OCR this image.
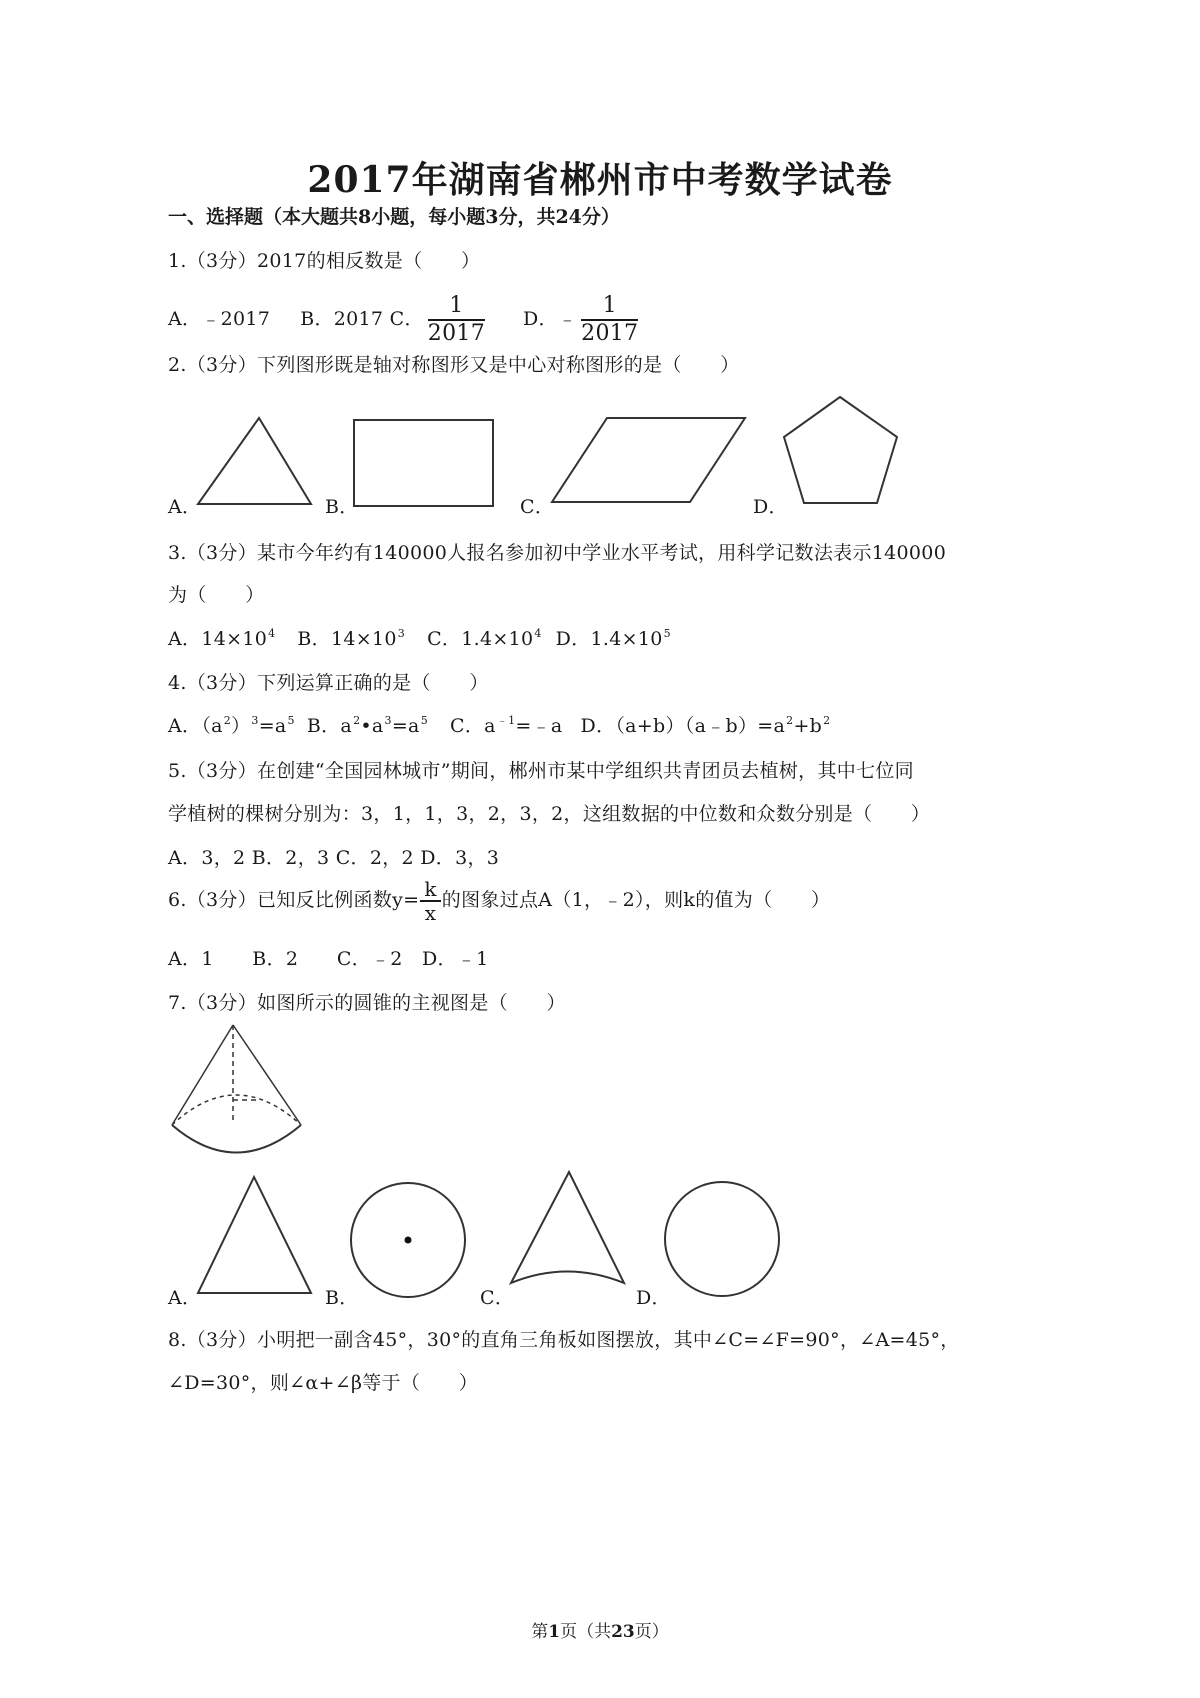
2017年湖南省郴州市中考数学试卷
一、选择题（本大题共8小题，每小题3分，共24分）
1.（3分）2017的相反数是（　　）
A．﹣2017 B．2017 C． $\frac{1}{2017}$ D．﹣ $\frac{1}{2017}$
2.（3分）下列图形既是轴对称图形又是中心对称图形的是（　　）
A．	B．	C．	D．
3.（3分）某市今年约有140000人报名参加初中学业水平考试，用科学记数法表示140000
为（　　）
A．$14\times 10^4$ B．$14\times 10^3$ C．$1.4\times 10^4$ D．$1.4\times 10^5$
4.（3分）下列运算正确的是（　　）
A．$(a^2)^3=a^5$ B．$a^2•a^3=a^5$ C．$a^{﹣1}=﹣a$ D．$(a+b)(a﹣b)=a^2+b^2$
5.（3分）在创建“全国园林城市”期间，郴州市某中学组织共青团员去植树，其中七位同
学植树的棵树分别为：3，1，1，3，2，3，2，这组数据的中位数和众数分别是（　　）
A．3，2 B．2，3 C．2，2 D．3，3
6.（3分）已知反比例函数$y= \frac{k}{x}$ 的图象过点A（1，﹣2），则k的值为（　　）
A．1　　B．2　　C．﹣2　D．﹣1
7.（3分）如图所示的圆锥的主视图是（　　）
A．	B．	C．	D．
8.（3分）小明把一副含45°，30°的直角三角板如图摆放，其中∠C=∠F=90°，∠A=45°，
∠D=30°，则∠α+∠β等于（　　）
第1页（共23页）
